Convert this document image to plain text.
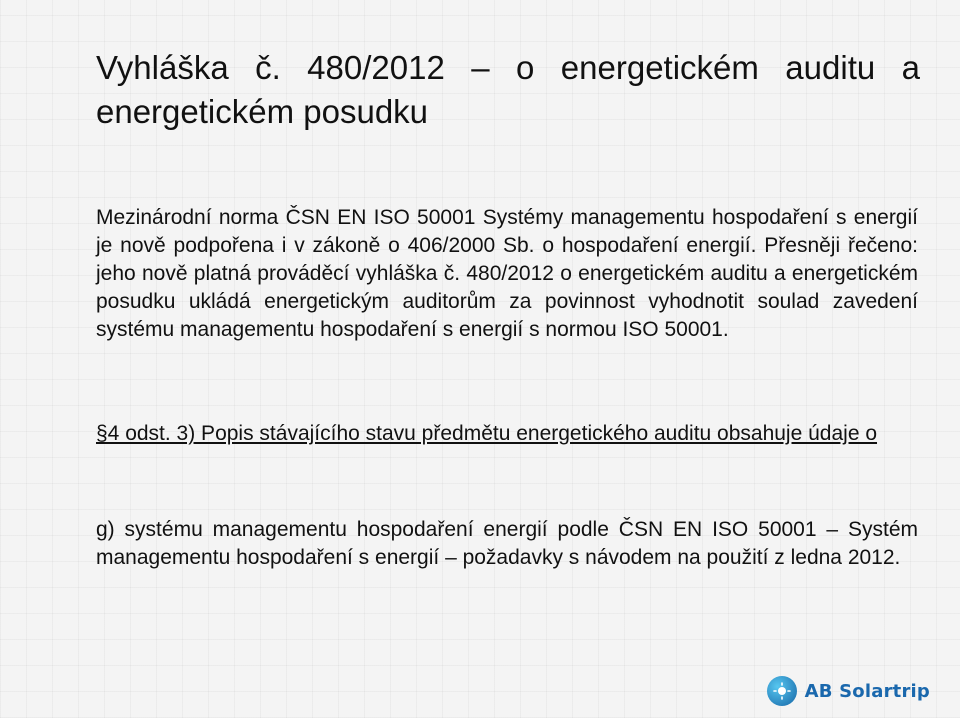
Vyhláška č. 480/2012 – o energetickém auditu a energetickém posudku

Mezinárodní norma ČSN EN ISO 50001 Systémy managementu hospodaření s energií je nově podpořena i v zákoně o 406/2000 Sb. o hospodaření energií. Přesněji řečeno: jeho nově platná prováděcí vyhláška č. 480/2012 o energetickém auditu a energetickém posudku ukládá energetickým auditorům za povinnost vyhodnotit soulad zavedení systému managementu hospodaření s energií s normou ISO 50001.

§4 odst. 3) Popis stávajícího stavu předmětu energetického auditu obsahuje údaje o

g) systému managementu hospodaření energií podle ČSN EN ISO 50001 – Systém managementu hospodaření s energií – požadavky s návodem na použití z ledna 2012.

AB Solartrip
